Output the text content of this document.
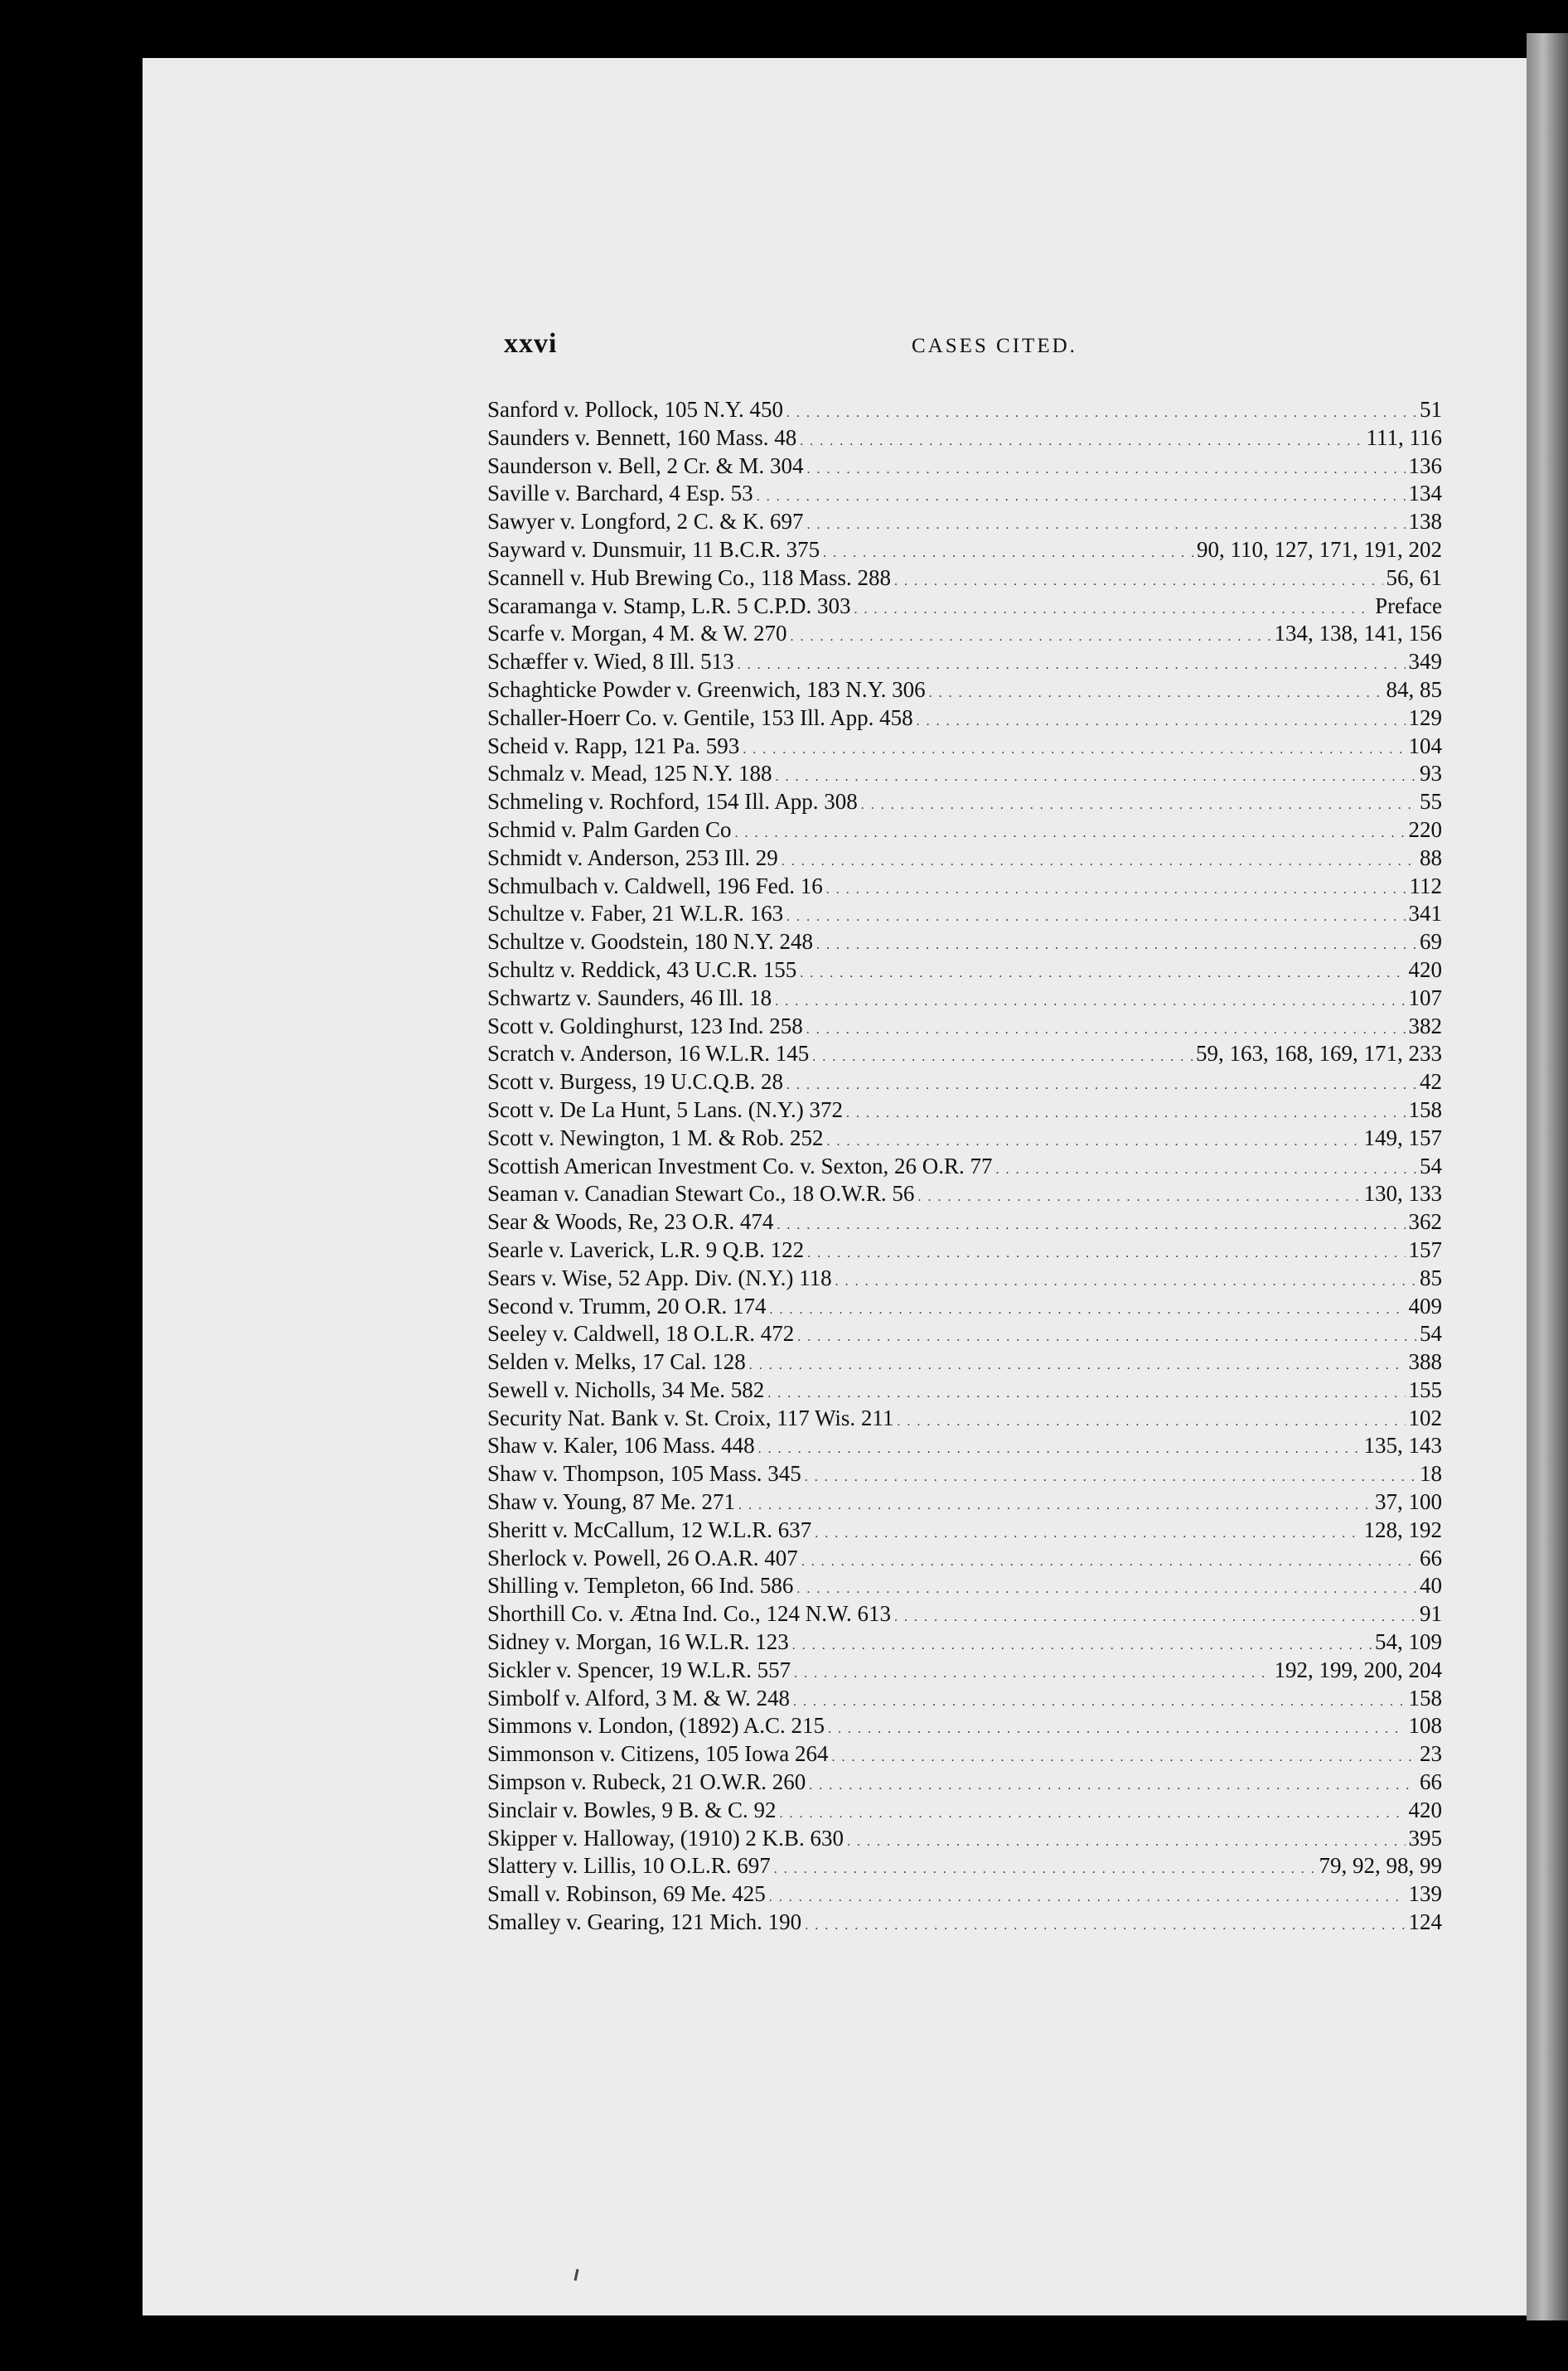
xxvi	CASES CITED.
Sanford v. Pollock, 105 N.Y. 450 . . .	51
Saunders v. Bennett, 160 Mass. 48 . . .	111, 116
Saunderson v. Bell, 2 Cr. & M. 304 . . .	136
Saville v. Barchard, 4 Esp. 53 . . .	134
Sawyer v. Longford, 2 C. & K. 697 . . .	138
Sayward v. Dunsmuir, 11 B.C.R. 375 . . .	90, 110, 127, 171, 191, 202
Scannell v. Hub Brewing Co., 118 Mass. 288 . . .	56, 61
Scaramanga v. Stamp, L.R. 5 C.P.D. 303 . . .	Preface
Scarfe v. Morgan, 4 M. & W. 270 . . .	134, 138, 141, 156
Schæffer v. Wied, 8 Ill. 513 . . .	349
Schaghticke Powder v. Greenwich, 183 N.Y. 306 . . .	84, 85
Schaller-Hoerr Co. v. Gentile, 153 Ill. App. 458 . . .	129
Scheid v. Rapp, 121 Pa. 593 . . .	104
Schmalz v. Mead, 125 N.Y. 188 . . .	93
Schmeling v. Rochford, 154 Ill. App. 308 . . .	55
Schmid v. Palm Garden Co . . .	220
Schmidt v. Anderson, 253 Ill. 29 . . .	88
Schmulbach v. Caldwell, 196 Fed. 16 . . .	112
Schultze v. Faber, 21 W.L.R. 163 . . .	341
Schultze v. Goodstein, 180 N.Y. 248 . . .	69
Schultz v. Reddick, 43 U.C.R. 155 . . .	420
Schwartz v. Saunders, 46 Ill. 18 . . .	107
Scott v. Goldinghurst, 123 Ind. 258 . . .	382
Scratch v. Anderson, 16 W.L.R. 145 . . .	59, 163, 168, 169, 171, 233
Scott v. Burgess, 19 U.C.Q.B. 28 . . .	42
Scott v. De La Hunt, 5 Lans. (N.Y.) 372 . . .	158
Scott v. Newington, 1 M. & Rob. 252 . . .	149, 157
Scottish American Investment Co. v. Sexton, 26 O.R. 77 . . .	54
Seaman v. Canadian Stewart Co., 18 O.W.R. 56 . . .	130, 133
Sear & Woods, Re, 23 O.R. 474 . . .	362
Searle v. Laverick, L.R. 9 Q.B. 122 . . .	157
Sears v. Wise, 52 App. Div. (N.Y.) 118 . . .	85
Second v. Trumm, 20 O.R. 174 . . .	409
Seeley v. Caldwell, 18 O.L.R. 472 . . .	54
Selden v. Melks, 17 Cal. 128 . . .	388
Sewell v. Nicholls, 34 Me. 582 . . .	155
Security Nat. Bank v. St. Croix, 117 Wis. 211 . . .	102
Shaw v. Kaler, 106 Mass. 448 . . .	135, 143
Shaw v. Thompson, 105 Mass. 345 . . .	18
Shaw v. Young, 87 Me. 271 . . .	37, 100
Sheritt v. McCallum, 12 W.L.R. 637 . . .	128, 192
Sherlock v. Powell, 26 O.A.R. 407 . . .	66
Shilling v. Templeton, 66 Ind. 586 . . .	40
Shorthill Co. v. Ætna Ind. Co., 124 N.W. 613 . . .	91
Sidney v. Morgan, 16 W.L.R. 123 . . .	54, 109
Sickler v. Spencer, 19 W.L.R. 557 . . .	192, 199, 200, 204
Simbolf v. Alford, 3 M. & W. 248 . . .	158
Simmons v. London, (1892) A.C. 215 . . .	108
Simmonson v. Citizens, 105 Iowa 264 . . .	23
Simpson v. Rubeck, 21 O.W.R. 260 . . .	66
Sinclair v. Bowles, 9 B. & C. 92 . . .	420
Skipper v. Halloway, (1910) 2 K.B. 630 . . .	395
Slattery v. Lillis, 10 O.L.R. 697 . . .	79, 92, 98, 99
Small v. Robinson, 69 Me. 425 . . .	139
Smalley v. Gearing, 121 Mich. 190 . . .	124
